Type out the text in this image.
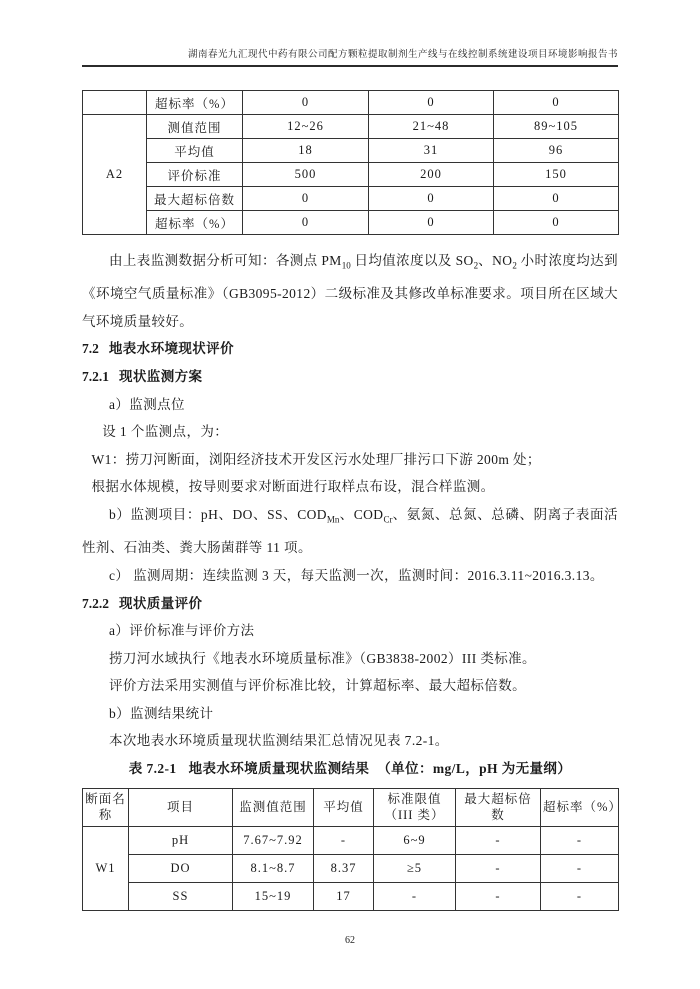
湖南春光九汇现代中药有限公司配方颗粒提取制剂生产线与在线控制系统建设项目环境影响报告书
	超标率（%）	0	0	0
A2	测值范围	12~26	21~48	89~105
	平均值	18	31	96
	评价标准	500	200	150
	最大超标倍数	0	0	0
	超标率（%）	0	0	0

由上表监测数据分析可知：各测点 $PM_{10}$ 日均值浓度以及 $SO_2$、$NO_2$ 小时浓度均达到《环境空气质量标准》（GB3095-2012）二级标准及其修改单标准要求。项目所在区域大气环境质量较好。

7.2 地表水环境现状评价

7.2.1 现状监测方案

a）监测点位

设 1 个监测点，为：

W1：捞刀河断面，浏阳经济技术开发区污水处理厂排污口下游 200m 处；

根据水体规模，按导则要求对断面进行取样点布设，混合样监测。

b）监测项目：pH、DO、SS、$COD_{Mn}$、$COD_{Cr}$、氨氮、总氮、总磷、阴离子表面活性剂、石油类、粪大肠菌群等 11 项。

c） 监测周期：连续监测 3 天，每天监测一次，监测时间：2016.3.11~2016.3.13。

7.2.2 现状质量评价

a）评价标准与评价方法

捞刀河水域执行《地表水环境质量标准》（GB3838-2002）III 类标准。

评价方法采用实测值与评价标准比较，计算超标率、最大超标倍数。

b）监测结果统计

本次地表水环境质量现状监测结果汇总情况见表 7.2-1。

表 7.2-1 地表水环境质量现状监测结果 （单位：mg/L，pH 为无量纲）

断面名称	项目	监测值范围	平均值	标准限值（III 类）	最大超标倍数	超标率（%）
W1	pH	7.67~7.92	-	6~9	-	-
	DO	8.1~8.7	8.37	≥5	-	-
	SS	15~19	17	-	-	-
62
